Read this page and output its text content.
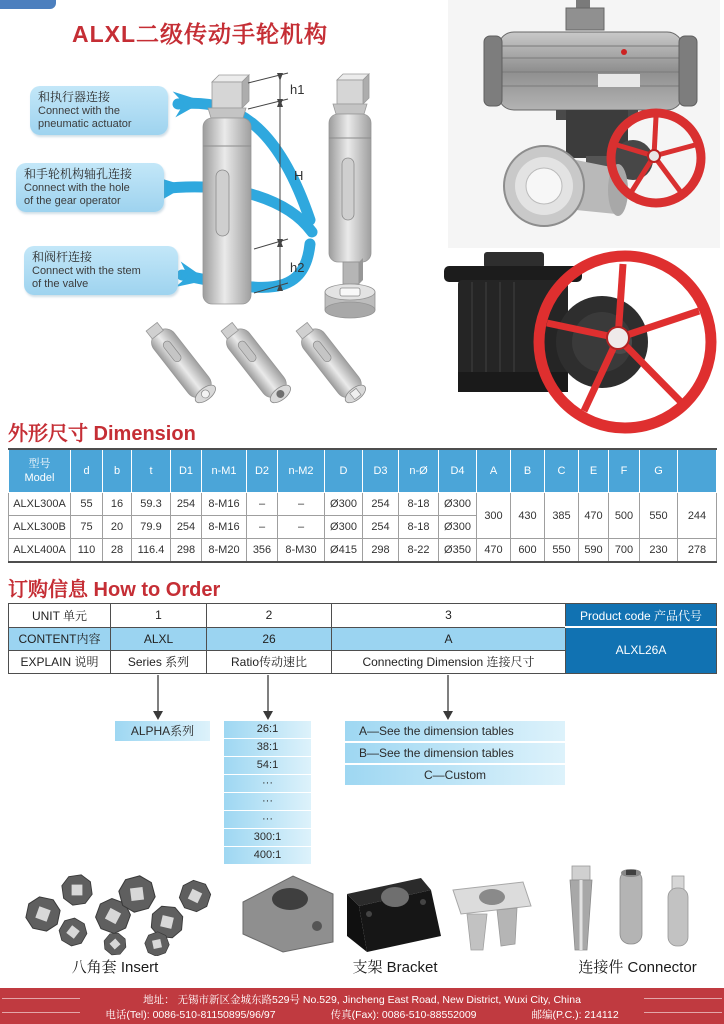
ALXL二级传动手轮机构
和执行器连接
Connect with the
pneumatic actuator
和手轮机构轴孔连接
Connect with the hole
of the gear operator
和阀杆连接
Connect with the stem
of the valve
h1
H
h2
外形尺寸 Dimension
型号
Model	d	b	t	D1	n-M1	D2	n-M2	D	D3	n-Ø	D4	A	B	C	E	F	G	
ALXL300A	55	16	59.3	254	8-M16	–	–	Ø300	254	8-18	Ø300	300	430	385	470	500	550	244
ALXL300B	75	20	79.9	254	8-M16	–	–	Ø300	254	8-18	Ø300							
ALXL400A	110	28	116.4	298	8-M20	356	8-M30	Ø415	298	8-22	Ø350	470	600	550	590	700	230	278
订购信息 How to Order
UNIT 单元	1	2	3	Product code 产品代号
CONTENT内容	ALXL	26	A	ALXL26A
EXPLAIN 说明	Series 系列	Ratio传动速比	Connecting Dimension 连接尺寸	
ALPHA系列	26:1
38:1
54:1
···
···
···
300:1
400:1
A—See the dimension tables
B—See the dimension tables
C—Custom
八角套 Insert	支架 Bracket	连接件 Connector
地址： 无锡市新区金城东路529号 No.529, Jincheng East Road, New District, Wuxi City, China
电话(Tel): 0086-510-81150895/96/97	传真(Fax): 0086-510-88552009	邮编(P.C.): 214112
